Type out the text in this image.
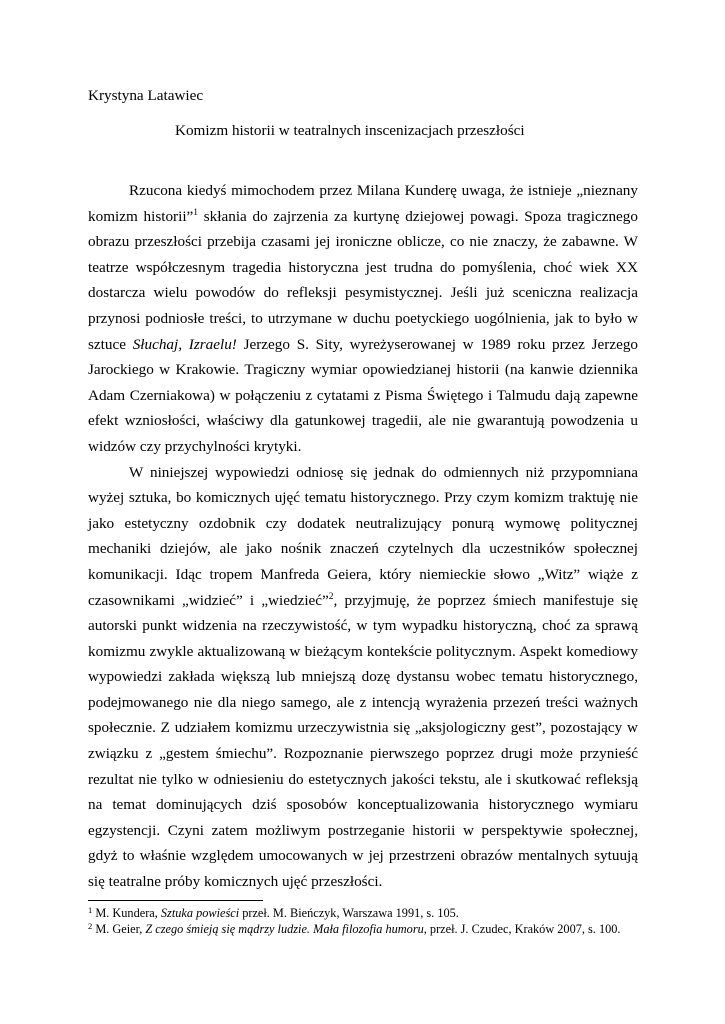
Krystyna Latawiec

Komizm historii w teatralnych inscenizacjach przeszłości

Rzucona kiedyś mimochodem przez Milana Kunderę uwaga, że istnieje „nieznany komizm historii”$^1$ skłania do zajrzenia za kurtynę dziejowej powagi. Spoza tragicznego obrazu przeszłości przebija czasami jej ironiczne oblicze, co nie znaczy, że zabawne. W teatrze współczesnym tragedia historyczna jest trudna do pomyślenia, choć wiek XX dostarcza wielu powodów do refleksji pesymistycznej. Jeśli już sceniczna realizacja przynosi podniosłe treści, to utrzymane w duchu poetyckiego uogólnienia, jak to było w sztuce Słuchaj, Izraelu! Jerzego S. Sity, wyreżyserowanej w 1989 roku przez Jerzego Jarockiego w Krakowie. Tragiczny wymiar opowiedzianej historii (na kanwie dziennika Adam Czerniakowa) w połączeniu z cytatami z Pisma Świętego i Talmudu dają zapewne efekt wzniosłości, właściwy dla gatunkowej tragedii, ale nie gwarantują powodzenia u widzów czy przychylności krytyki.

W niniejszej wypowiedzi odniosę się jednak do odmiennych niż przypomniana wyżej sztuka, bo komicznych ujęć tematu historycznego. Przy czym komizm traktuję nie jako estetyczny ozdobnik czy dodatek neutralizujący ponurą wymowę politycznej mechaniki dziejów, ale jako nośnik znaczeń czytelnych dla uczestników społecznej komunikacji. Idąc tropem Manfreda Geiera, który niemieckie słowo „Witz” wiąże z czasownikami „widzieć” i „wiedzieć”$^2$, przyjmuję, że poprzez śmiech manifestuje się autorski punkt widzenia na rzeczywistość, w tym wypadku historyczną, choć za sprawą komizmu zwykle aktualizowaną w bieżącym kontekście politycznym. Aspekt komediowy wypowiedzi zakłada większą lub mniejszą dozę dystansu wobec tematu historycznego, podejmowanego nie dla niego samego, ale z intencją wyrażenia przezeń treści ważnych społecznie. Z udziałem komizmu urzeczywistnia się „aksjologiczny gest”, pozostający w związku z „gestem śmiechu”. Rozpoznanie pierwszego poprzez drugi może przynieść rezultat nie tylko w odniesieniu do estetycznych jakości tekstu, ale i skutkować refleksją na temat dominujących dziś sposobów konceptualizowania historycznego wymiaru egzystencji. Czyni zatem możliwym postrzeganie historii w perspektywie społecznej, gdyż to właśnie względem umocowanych w jej przestrzeni obrazów mentalnych sytuują się teatralne próby komicznych ujęć przeszłości.

$^1$ M. Kundera, Sztuka powieści przeł. M. Bieńczyk, Warszawa 1991, s. 105.

$^2$ M. Geier, Z czego śmieją się mądrzy ludzie. Mała filozofia humoru, przeł. J. Czudec, Kraków 2007, s. 100.
